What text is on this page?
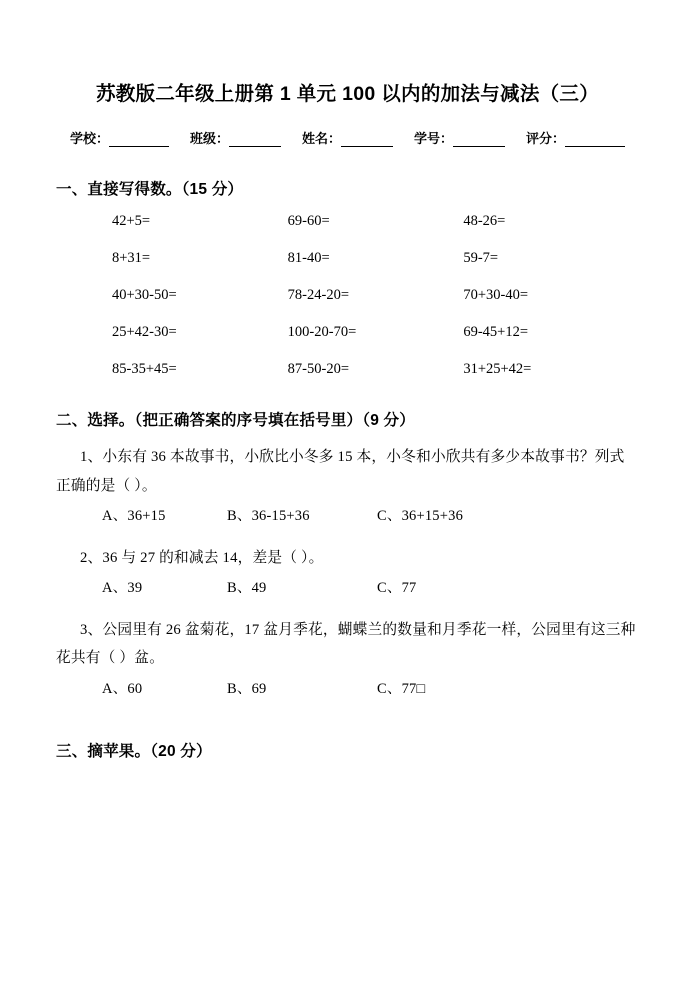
苏教版二年级上册第 1 单元 100 以内的加法与减法（三）
学校：	班级：	姓名：	学号：	评分：
一、直接写得数。（15 分）
42+5=	69-60=	48-26=
8+31=	81-40=	59-7=
40+30-50=	78-24-20=	70+30-40=
25+42-30=	100-20-70=	69-45+12=
85-35+45=	87-50-20=	31+25+42=
二、选择。（把正确答案的序号填在括号里）（9 分）
1、小东有 36 本故事书，小欣比小冬多 15 本，小冬和小欣共有多少本故事书？列式正确的是（ ）。
A、36+15	B、36-15+36	C、36+15+36
2、36 与 27 的和减去 14，差是（ ）。
A、39	B、49	C、77
3、公园里有 26 盆菊花，17 盆月季花，蝴蝶兰的数量和月季花一样，公园里有这三种花共有（ ）盆。
A、60	B、69	C、77□
三、摘苹果。（20 分）
